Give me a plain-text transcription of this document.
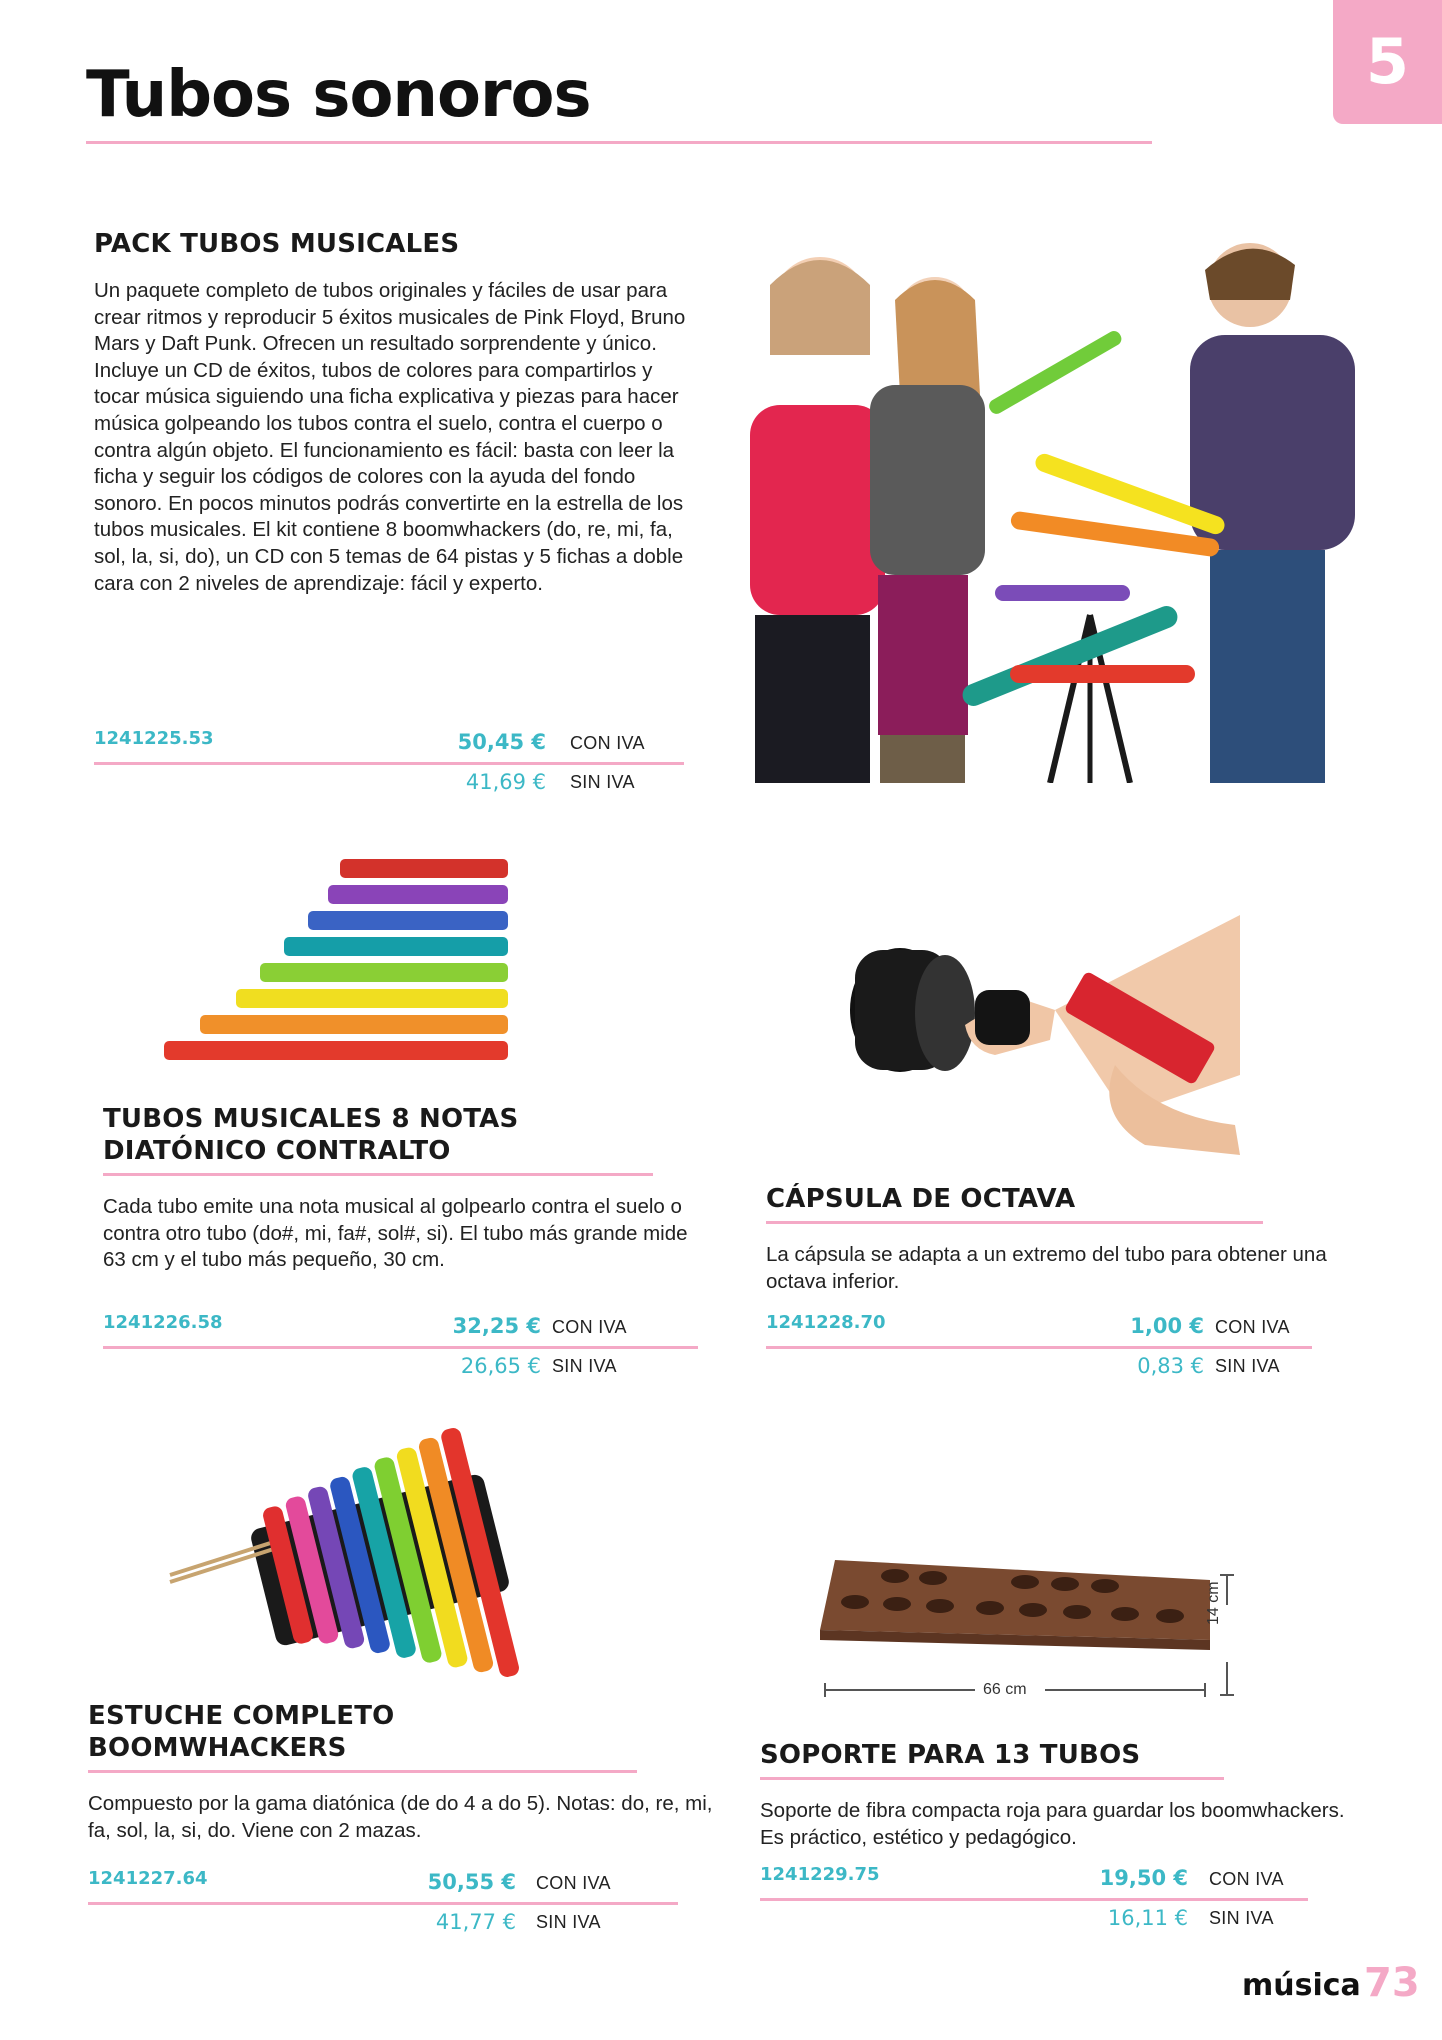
Tubos sonoros	5
PACK TUBOS MUSICALES
Un paquete completo de tubos originales y fáciles de usar para crear ritmos y reproducir 5 éxitos musicales de Pink Floyd, Bruno Mars y Daft Punk. Ofrecen un resultado sorprendente y único. Incluye un CD de éxitos, tubos de colores para compartirlos y tocar música siguiendo una ficha explicativa y piezas para hacer música golpeando los tubos contra el suelo, contra el cuerpo o contra algún objeto. El funcionamiento es fácil: basta con leer la ficha y seguir los códigos de colores con la ayuda del fondo sonoro. En pocos minutos podrás convertirte en la estrella de los tubos musicales. El kit contiene 8 boomwhackers (do, re, mi, fa, sol, la, si, do), un CD con 5 temas de 64 pistas y 5 fichas a doble cara con 2 niveles de aprendizaje: fácil y experto.
1241225.53	50,45 € CON IVA
41,69 € SIN IVA
TUBOS MUSICALES 8 NOTAS
DIATÓNICO CONTRALTO
Cada tubo emite una nota musical al golpearlo contra el suelo o contra otro tubo (do#, mi, fa#, sol#, si). El tubo más grande mide 63 cm y el tubo más pequeño, 30 cm.
1241226.58	32,25 € CON IVA
26,65 € SIN IVA
CÁPSULA DE OCTAVA
La cápsula se adapta a un extremo del tubo para obtener una octava inferior.
1241228.70	1,00 € CON IVA
0,83 € SIN IVA
ESTUCHE COMPLETO
BOOMWHACKERS
Compuesto por la gama diatónica (de do 4 a do 5). Notas: do, re, mi, fa, sol, la, si, do. Viene con 2 mazas.
1241227.64	50,55 € CON IVA
41,77 € SIN IVA
66 cm
14 cm
SOPORTE PARA 13 TUBOS
Soporte de fibra compacta roja para guardar los boomwhackers. Es práctico, estético y pedagógico.
1241229.75	19,50 € CON IVA
16,11 € SIN IVA
música 73
